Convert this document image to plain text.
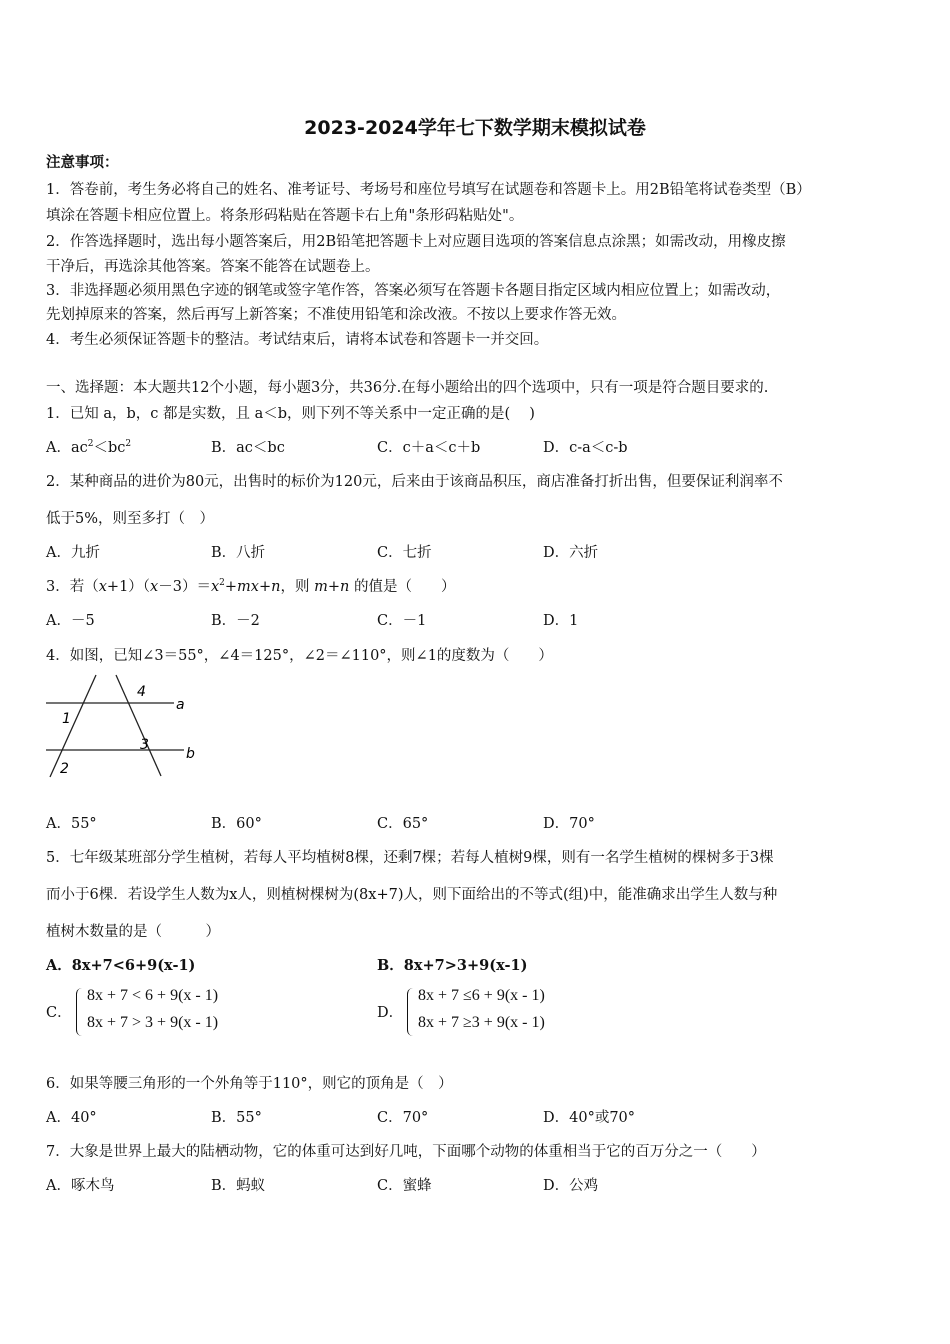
2023-2024学年七下数学期末模拟试卷
注意事项：
1．答卷前，考生务必将自己的姓名、准考证号、考场号和座位号填写在试题卷和答题卡上。用2B铅笔将试卷类型（B）
填涂在答题卡相应位置上。将条形码粘贴在答题卡右上角"条形码粘贴处"。
2．作答选择题时，选出每小题答案后，用2B铅笔把答题卡上对应题目选项的答案信息点涂黑；如需改动，用橡皮擦
干净后，再选涂其他答案。答案不能答在试题卷上。
3．非选择题必须用黑色字迹的钢笔或签字笔作答，答案必须写在答题卡各题目指定区域内相应位置上；如需改动，
先划掉原来的答案，然后再写上新答案；不准使用铅笔和涂改液。不按以上要求作答无效。
4．考生必须保证答题卡的整洁。考试结束后，请将本试卷和答题卡一并交回。
一、选择题：本大题共12个小题，每小题3分，共36分.在每小题给出的四个选项中，只有一项是符合题目要求的.
1．已知 a，b，c 都是实数，且 a＜b，则下列不等关系中一定正确的是(　 )
A．$ac^2<bc^2$	B．ac＜bc	C．c＋a＜c＋b	D．c-a＜c-b
2．某种商品的进价为80元，出售时的标价为120元，后来由于该商品积压，商店准备打折出售，但要保证利润率不
低于5%，则至多打（　）
A．九折	B．八折	C．七折	D．六折
3．若$(x+1)(x-3)=x^2+mx+n$，则 m+n 的值是（　　）
A．－5	B．－2	C．－1	D．1
4．如图，已知∠3＝55°，∠4＝125°，∠2＝∠110°，则∠1的度数为（　　）
4
1
3
2
a
b
A．55°	B．60°	C．65°	D．70°
5．七年级某班部分学生植树，若每人平均植树8棵，还剩7棵；若每人植树9棵，则有一名学生植树的棵树多于3棵
而小于6棵．若设学生人数为x人，则植树棵树为(8x+7)人，则下面给出的不等式(组)中，能准确求出学生人数与种
植树木数量的是（　　　）
A．8x+7<6+9(x-1)	B．8x+7>3+9(x-1)
C．
8x + 7 < 6 + 9(x - 1)
8x + 7 > 3 + 9(x - 1)
D．
8x + 7 ≤6 + 9(x - 1)
8x + 7 ≥3 + 9(x - 1)
6．如果等腰三角形的一个外角等于110°，则它的顶角是（　）
A．40°	B．55°	C．70°	D．40°或70°
7．大象是世界上最大的陆栖动物，它的体重可达到好几吨，下面哪个动物的体重相当于它的百万分之一（　　）
A．啄木鸟	B．蚂蚁	C．蜜蜂	D．公鸡
